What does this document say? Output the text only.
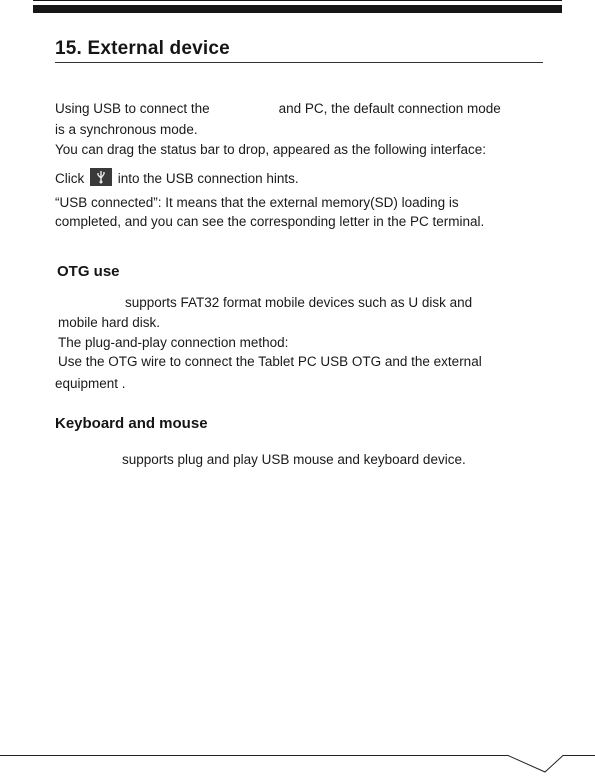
15. External device
Using USB to connect the	and PC, the default connection mode
is a synchronous mode.
You can drag the status bar to drop, appeared as the following interface:
Click into the USB connection hints.
“USB connected”: It means that the external memory(SD) loading is
completed, and you can see the corresponding letter in the PC terminal.
OTG use
supports FAT32 format mobile devices such as U disk and
mobile hard disk.
The plug-and-play connection method:
Use the OTG wire to connect the Tablet PC USB OTG and the external
equipment .
Keyboard and mouse
supports plug and play USB mouse and keyboard device.
